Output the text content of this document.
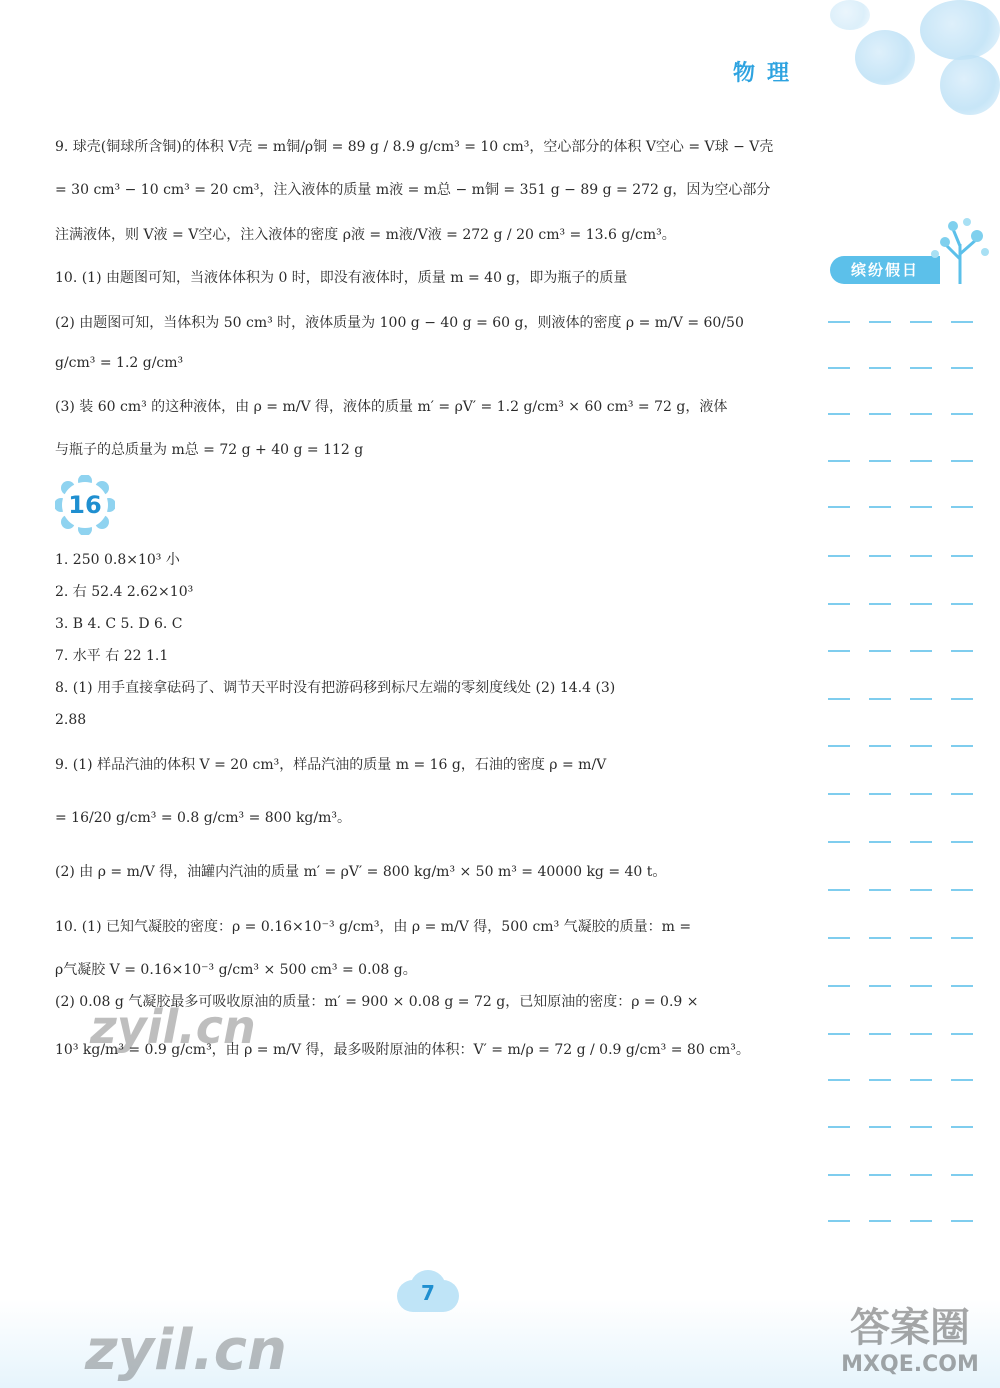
物理
缤纷假日
9. 球壳(铜球所含铜)的体积 V壳 = m铜/ρ铜 = 89 g / 8.9 g/cm³ = 10 cm³，空心部分的体积 V空心 = V球 − V壳
= 30 cm³ − 10 cm³ = 20 cm³，注入液体的质量 m液 = m总 − m铜 = 351 g − 89 g = 272 g，因为空心部分
注满液体，则 V液 = V空心，注入液体的密度 ρ液 = m液/V液 = 272 g / 20 cm³ = 13.6 g/cm³。
10. (1) 由题图可知，当液体体积为 0 时，即没有液体时，质量 m = 40 g，即为瓶子的质量
(2) 由题图可知，当体积为 50 cm³ 时，液体质量为 100 g − 40 g = 60 g，则液体的密度 ρ = m/V = 60/50
g/cm³ = 1.2 g/cm³
(3) 装 60 cm³ 的这种液体，由 ρ = m/V 得，液体的质量 m′ = ρV′ = 1.2 g/cm³ × 60 cm³ = 72 g，液体
与瓶子的总质量为 m总 = 72 g + 40 g = 112 g
16
1. 250 0.8×10³ 小
2. 右 52.4 2.62×10³
3. B 4. C 5. D 6. C
7. 水平 右 22 1.1
8. (1) 用手直接拿砝码了、调节天平时没有把游码移到标尺左端的零刻度线处 (2) 14.4 (3)
2.88
9. (1) 样品汽油的体积 V = 20 cm³，样品汽油的质量 m = 16 g，石油的密度 ρ = m/V
= 16/20 g/cm³ = 0.8 g/cm³ = 800 kg/m³。
(2) 由 ρ = m/V 得，油罐内汽油的质量 m′ = ρV′ = 800 kg/m³ × 50 m³ = 40000 kg = 40 t。
10. (1) 已知气凝胶的密度：ρ = 0.16×10⁻³ g/cm³，由 ρ = m/V 得，500 cm³ 气凝胶的质量：m =
ρ气凝胶 V = 0.16×10⁻³ g/cm³ × 500 cm³ = 0.08 g。
(2) 0.08 g 气凝胶最多可吸收原油的质量：m′ = 900 × 0.08 g = 72 g，已知原油的密度：ρ = 0.9 ×
10³ kg/m³ = 0.9 g/cm³，由 ρ = m/V 得，最多吸附原油的体积：V′ = m/ρ = 72 g / 0.9 g/cm³ = 80 cm³。
zyil.cn
7
zyil.cn	答案圈
MXQE.COM
